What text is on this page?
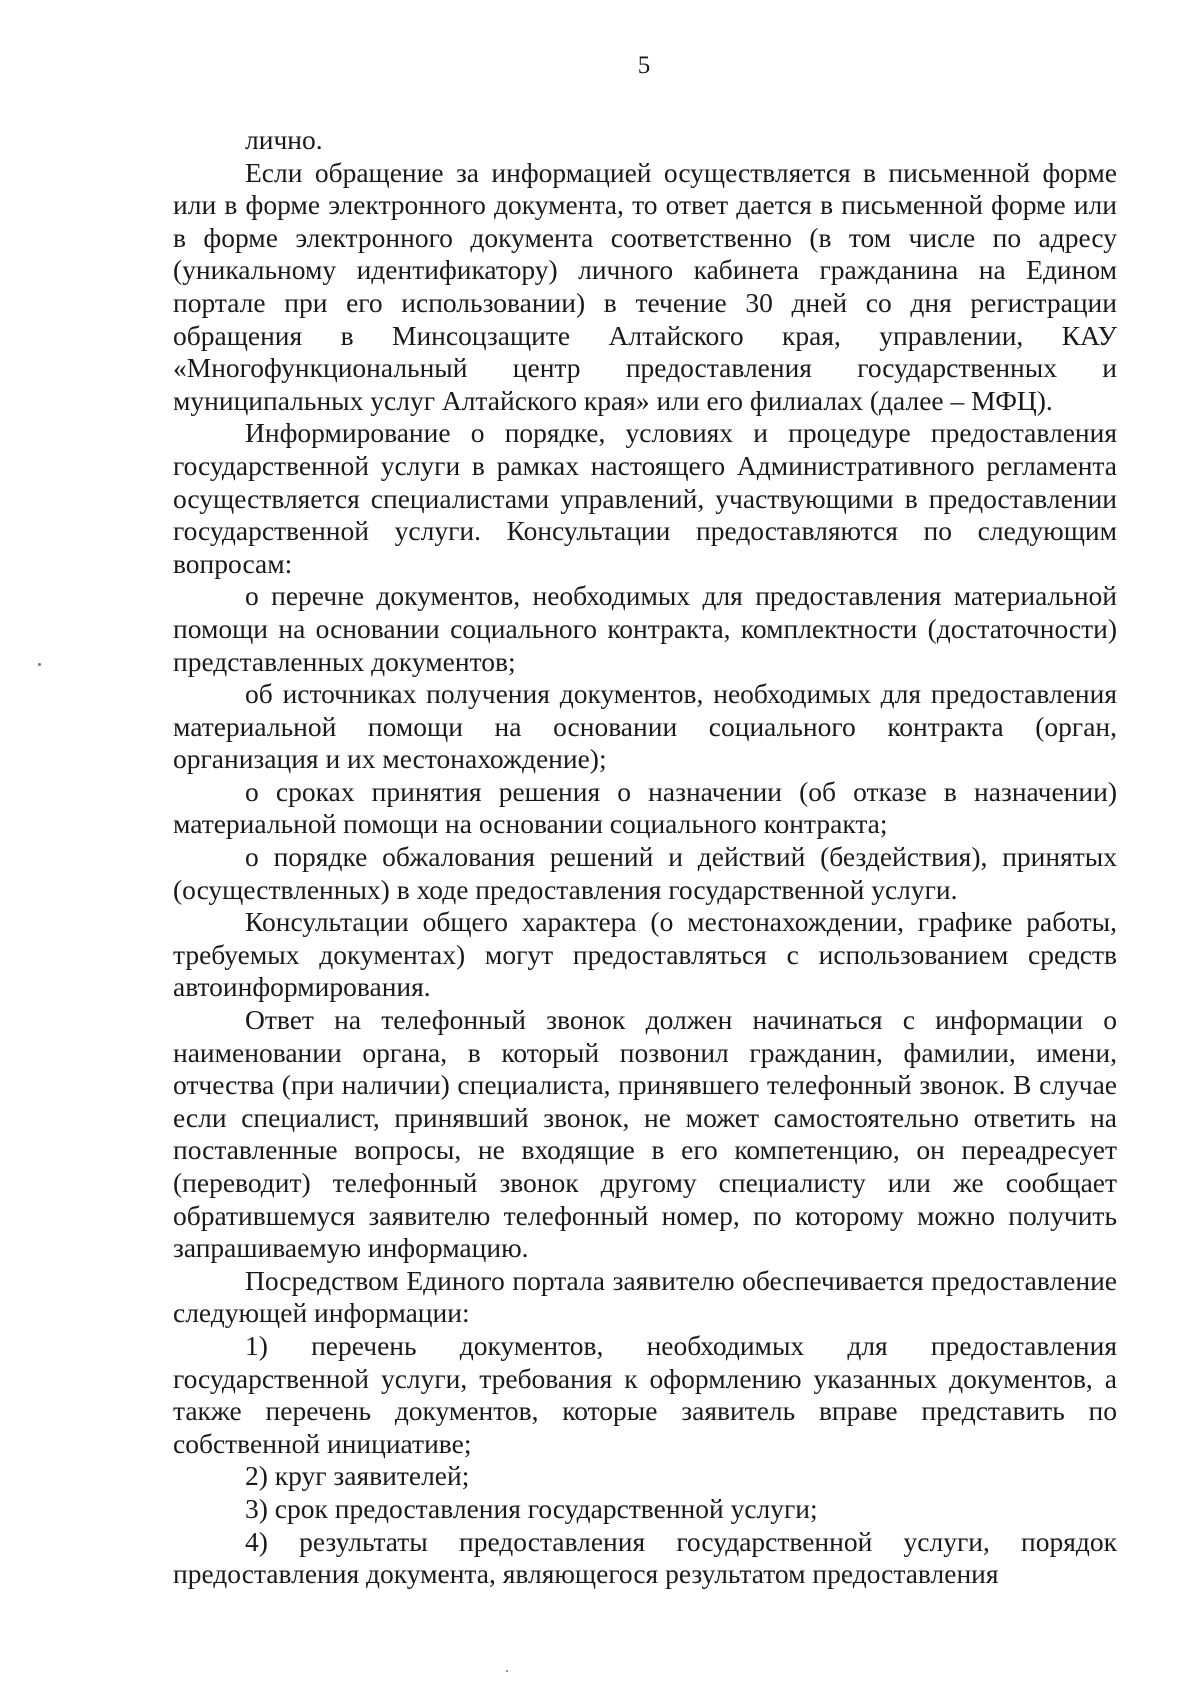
5

лично.

Если обращение за информацией осуществляется в письменной форме или в форме электронного документа, то ответ дается в письменной форме или в форме электронного документа соответственно (в том числе по адресу (уникальному идентификатору) личного кабинета гражданина на Едином портале при его использовании) в течение 30 дней со дня регистрации обращения в Минсоцзащите Алтайского края, управлении, КАУ «Многофункциональный центр предоставления государственных и муниципальных услуг Алтайского края» или его филиалах (далее – МФЦ).

Информирование о порядке, условиях и процедуре предоставления государственной услуги в рамках настоящего Административного регламента осуществляется специалистами управлений, участвующими в предоставлении государственной услуги. Консультации предоставляются по следующим вопросам:

о перечне документов, необходимых для предоставления материальной помощи на основании социального контракта, комплектности (достаточности) представленных документов;

об источниках получения документов, необходимых для предоставления материальной помощи на основании социального контракта (орган, организация и их местонахождение);

о сроках принятия решения о назначении (об отказе в назначении) материальной помощи на основании социального контракта;

о порядке обжалования решений и действий (бездействия), принятых (осуществленных) в ходе предоставления государственной услуги.

Консультации общего характера (о местонахождении, графике работы, требуемых документах) могут предоставляться с использованием средств автоинформирования.

Ответ на телефонный звонок должен начинаться с информации о наименовании органа, в который позвонил гражданин, фамилии, имени, отчества (при наличии) специалиста, принявшего телефонный звонок. В случае если специалист, принявший звонок, не может самостоятельно ответить на поставленные вопросы, не входящие в его компетенцию, он переадресует (переводит) телефонный звонок другому специалисту или же сообщает обратившемуся заявителю телефонный номер, по которому можно получить запрашиваемую информацию.

Посредством Единого портала заявителю обеспечивается предоставление следующей информации:

1) перечень документов, необходимых для предоставления государственной услуги, требования к оформлению указанных документов, а также перечень документов, которые заявитель вправе представить по собственной инициативе;

2) круг заявителей;

3) срок предоставления государственной услуги;

4) результаты предоставления государственной услуги, порядок предоставления документа, являющегося результатом предоставления
